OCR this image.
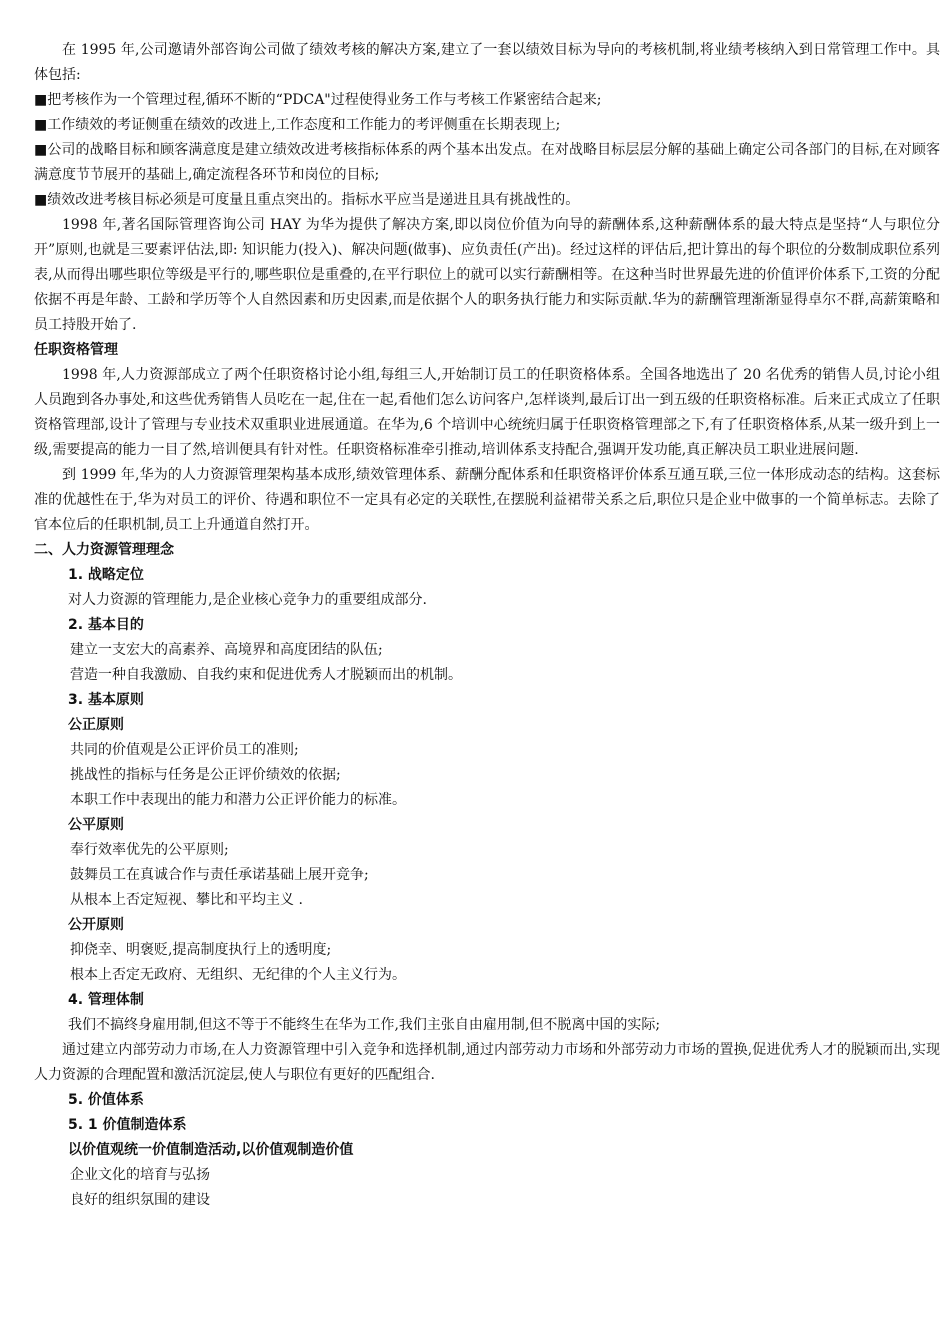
在 1995 年,公司邀请外部咨询公司做了绩效考核的解决方案,建立了一套以绩效目标为导向的考核机制,将业绩考核纳入到日常管理工作中。具体包括:

■把考核作为一个管理过程,循环不断的“PDCA"过程使得业务工作与考核工作紧密结合起来;

■工作绩效的考证侧重在绩效的改进上,工作态度和工作能力的考评侧重在长期表现上;

■公司的战略目标和顾客满意度是建立绩效改进考核指标体系的两个基本出发点。在对战略目标层层分解的基础上确定公司各部门的目标,在对顾客满意度节节展开的基础上,确定流程各环节和岗位的目标;

■绩效改进考核目标必须是可度量且重点突出的。指标水平应当是递进且具有挑战性的。

1998 年,著名国际管理咨询公司 HAY 为华为提供了解决方案,即以岗位价值为向导的薪酬体系,这种薪酬体系的最大特点是坚持“人与职位分开”原则,也就是三要素评估法,即: 知识能力(投入)、解决问题(做事)、应负责任(产出)。经过这样的评估后,把计算出的每个职位的分数制成职位系列表,从而得出哪些职位等级是平行的,哪些职位是重叠的,在平行职位上的就可以实行薪酬相等。在这种当时世界最先进的价值评价体系下,工资的分配依据不再是年龄、工龄和学历等个人自然因素和历史因素,而是依据个人的职务执行能力和实际贡献.华为的薪酬管理渐渐显得卓尔不群,高薪策略和员工持股开始了.

任职资格管理

1998 年,人力资源部成立了两个任职资格讨论小组,每组三人,开始制订员工的任职资格体系。全国各地选出了 20 名优秀的销售人员,讨论小组人员跑到各办事处,和这些优秀销售人员吃在一起,住在一起,看他们怎么访问客户,怎样谈判,最后订出一到五级的任职资格标准。后来正式成立了任职资格管理部,设计了管理与专业技术双重职业进展通道。在华为,6 个培训中心统统归属于任职资格管理部之下,有了任职资格体系,从某一级升到上一级,需要提高的能力一目了然,培训便具有针对性。任职资格标准牵引推动,培训体系支持配合,强调开发功能,真正解决员工职业进展问题.

到 1999 年,华为的人力资源管理架构基本成形,绩效管理体系、薪酬分配体系和任职资格评价体系互通互联,三位一体形成动态的结构。这套标准的优越性在于,华为对员工的评价、待遇和职位不一定具有必定的关联性,在摆脱利益裙带关系之后,职位只是企业中做事的一个简单标志。去除了官本位后的任职机制,员工上升通道自然打开。

二、人力资源管理理念

1. 战略定位

对人力资源的管理能力,是企业核心竞争力的重要组成部分.

2. 基本目的

建立一支宏大的高素养、高境界和高度团结的队伍;

营造一种自我激励、自我约束和促进优秀人才脱颖而出的机制。

3. 基本原则

公正原则

共同的价值观是公正评价员工的准则;

挑战性的指标与任务是公正评价绩效的依据;

本职工作中表现出的能力和潜力公正评价能力的标准。

公平原则

奉行效率优先的公平原则;

鼓舞员工在真诚合作与责任承诺基础上展开竞争;

从根本上否定短视、攀比和平均主义 .

公开原则

抑侥幸、明褒贬,提高制度执行上的透明度;

根本上否定无政府、无组织、无纪律的个人主义行为。

4. 管理体制

我们不搞终身雇用制,但这不等于不能终生在华为工作,我们主张自由雇用制,但不脱离中国的实际;

通过建立内部劳动力市场,在人力资源管理中引入竞争和选择机制,通过内部劳动力市场和外部劳动力市场的置换,促进优秀人才的脱颖而出,实现人力资源的合理配置和激活沉淀层,使人与职位有更好的匹配组合.

5. 价值体系

5. 1 价值制造体系

以价值观统一价值制造活动,以价值观制造价值

企业文化的培育与弘扬

良好的组织氛围的建设
